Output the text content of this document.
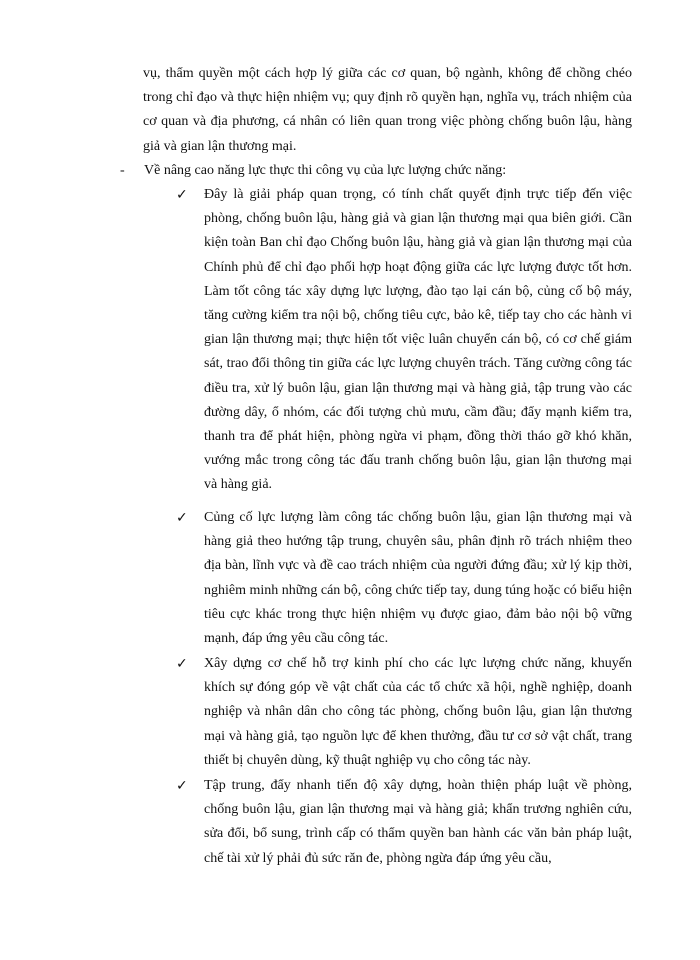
vụ, thẩm quyền một cách hợp lý giữa các cơ quan, bộ ngành, không để chồng chéo trong chỉ đạo và thực hiện nhiệm vụ; quy định rõ quyền hạn, nghĩa vụ, trách nhiệm của cơ quan và địa phương, cá nhân có liên quan trong việc phòng chống buôn lậu, hàng giả và gian lận thương mại.
-	Về nâng cao năng lực thực thi công vụ của lực lượng chức năng:
✓	Đây là giải pháp quan trọng, có tính chất quyết định trực tiếp đến việc phòng, chống buôn lậu, hàng giả và gian lận thương mại qua biên giới. Cần kiện toàn Ban chỉ đạo Chống buôn lậu, hàng giả và gian lận thương mại của Chính phủ để chỉ đạo phối hợp hoạt động giữa các lực lượng được tốt hơn. Làm tốt công tác xây dựng lực lượng, đào tạo lại cán bộ, củng cố bộ máy, tăng cường kiểm tra nội bộ, chống tiêu cực, bảo kê, tiếp tay cho các hành vi gian lận thương mại; thực hiện tốt việc luân chuyển cán bộ, có cơ chế giám sát, trao đổi thông tin giữa các lực lượng chuyên trách. Tăng cường công tác điều tra, xử lý buôn lậu, gian lận thương mại và hàng giả, tập trung vào các đường dây, ổ nhóm, các đối tượng chủ mưu, cầm đầu; đẩy mạnh kiểm tra, thanh tra để phát hiện, phòng ngừa vi phạm, đồng thời tháo gỡ khó khăn, vướng mắc trong công tác đấu tranh chống buôn lậu, gian lận thương mại và hàng giả.
✓	Củng cố lực lượng làm công tác chống buôn lậu, gian lận thương mại và hàng giả theo hướng tập trung, chuyên sâu, phân định rõ trách nhiệm theo địa bàn, lĩnh vực và đề cao trách nhiệm của người đứng đầu; xử lý kịp thời, nghiêm minh những cán bộ, công chức tiếp tay, dung túng hoặc có biểu hiện tiêu cực khác trong thực hiện nhiệm vụ được giao, đảm bảo nội bộ vững mạnh, đáp ứng yêu cầu công tác.
✓	Xây dựng cơ chế hỗ trợ kinh phí cho các lực lượng chức năng, khuyến khích sự đóng góp về vật chất của các tổ chức xã hội, nghề nghiệp, doanh nghiệp và nhân dân cho công tác phòng, chống buôn lậu, gian lận thương mại và hàng giả, tạo nguồn lực để khen thưởng, đầu tư cơ sở vật chất, trang thiết bị chuyên dùng, kỹ thuật nghiệp vụ cho công tác này.
✓	Tập trung, đẩy nhanh tiến độ xây dựng, hoàn thiện pháp luật về phòng, chống buôn lậu, gian lận thương mại và hàng giả; khẩn trương nghiên cứu, sửa đổi, bổ sung, trình cấp có thẩm quyền ban hành các văn bản pháp luật, chế tài xử lý phải đủ sức răn đe, phòng ngừa đáp ứng yêu cầu,
